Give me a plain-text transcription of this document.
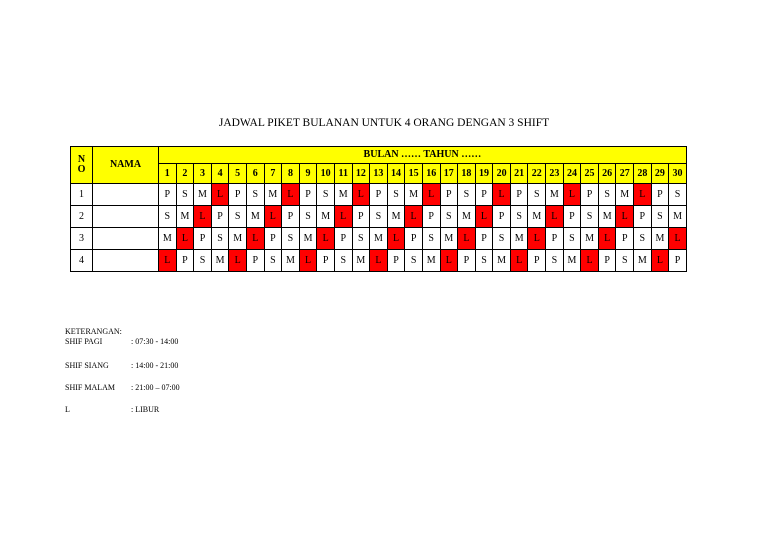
JADWAL PIKET BULANAN UNTUK 4 ORANG DENGAN 3 SHIFT
N O	NAMA	BULAN …… TAHUN ……																													
		1	2	3	4	5	6	7	8	9	10	11	12	13	14	15	16	17	18	19	20	21	22	23	24	25	26	27	28	29	30
1		P	S	M	L	P	S	M	L	P	S	M	L	P	S	M	L	P	S	P	L	P	S	M	L	P	S	M	L	P	S
2		S	M	L	P	S	M	L	P	S	M	L	P	S	M	L	P	S	M	L	P	S	M	L	P	S	M	L	P	S	M
3		M	L	P	S	M	L	P	S	M	L	P	S	M	L	P	S	M	L	P	S	M	L	P	S	M	L	P	S	M	L
4		L	P	S	M	L	P	S	M	L	P	S	M	L	P	S	M	L	P	S	M	L	P	S	M	L	P	S	M	L	P
KETERANGAN:
SHIF PAGI	: 07:30 - 14:00
SHIF SIANG	: 14:00 - 21:00
SHIF MALAM : 21:00 – 07:00
L	: LIBUR
